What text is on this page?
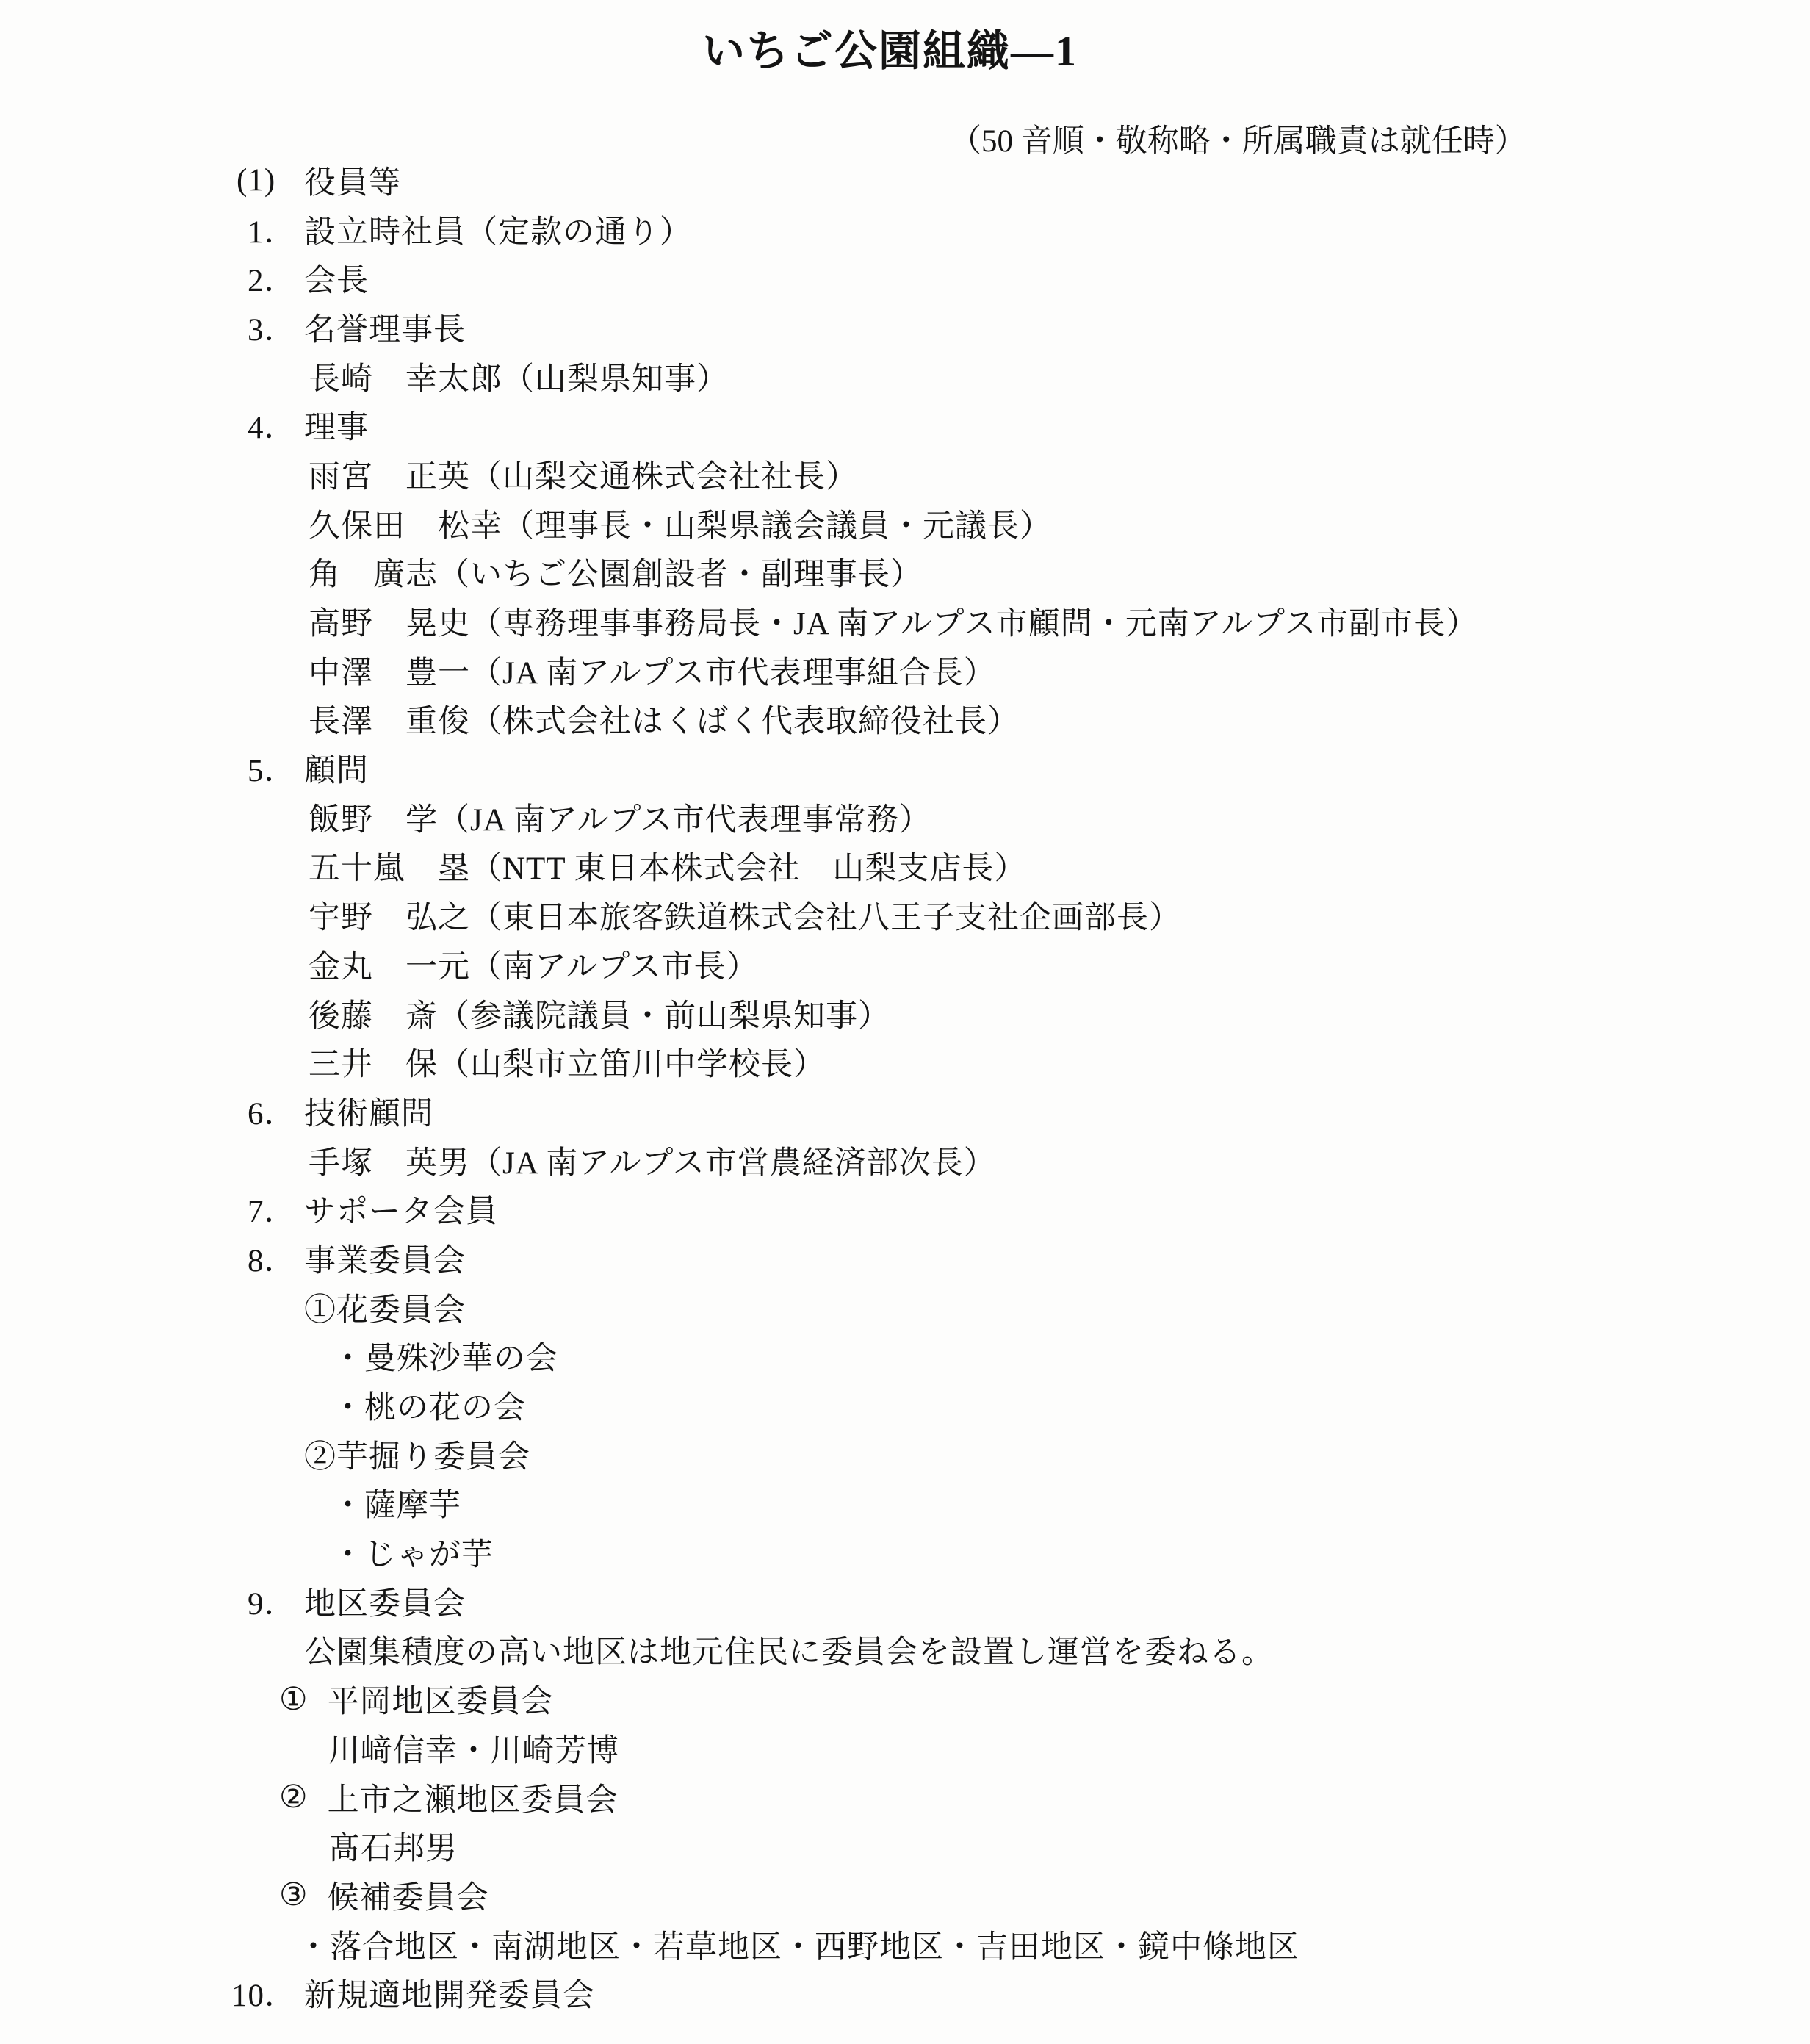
いちご公園組織―1
（50 音順・敬称略・所属職責は就任時）
(1) 役員等
1． 設立時社員（定款の通り）
2． 会長
3． 名誉理事長
長崎　幸太郎（山梨県知事）
4． 理事
雨宮　正英（山梨交通株式会社社長）
久保田　松幸（理事長・山梨県議会議員・元議長）
角　廣志（いちご公園創設者・副理事長）
高野　晃史（専務理事事務局長・JA 南アルプス市顧問・元南アルプス市副市長）
中澤　豊一（JA 南アルプス市代表理事組合長）
長澤　重俊（株式会社はくばく代表取締役社長）
5． 顧問
飯野　学（JA 南アルプス市代表理事常務）
五十嵐　塁（NTT 東日本株式会社　山梨支店長）
宇野　弘之（東日本旅客鉄道株式会社八王子支社企画部長）
金丸　一元（南アルプス市長）
後藤　斎（参議院議員・前山梨県知事）
三井　保（山梨市立笛川中学校長）
6． 技術顧問
手塚　英男（JA 南アルプス市営農経済部次長）
7． サポータ会員
8． 事業委員会
①花委員会
・曼殊沙華の会
・桃の花の会
②芋掘り委員会
・薩摩芋
・じゃが芋
9． 地区委員会
公園集積度の高い地区は地元住民に委員会を設置し運営を委ねる。
① 平岡地区委員会
川﨑信幸・川崎芳博
② 上市之瀬地区委員会
髙石邦男
③ 候補委員会
・落合地区・南湖地区・若草地区・西野地区・吉田地区・鏡中條地区
10． 新規適地開発委員会
